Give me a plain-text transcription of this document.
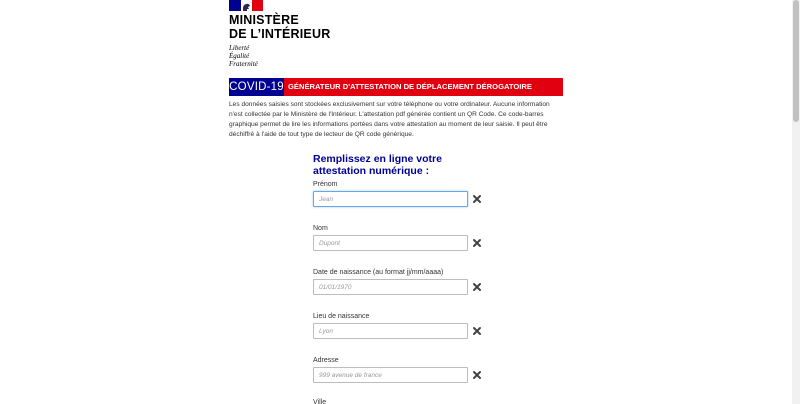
MINISTÈRE
DE L’INTÉRIEUR
Liberté
Égalité
Fraternité
COVID-19 GÉNÉRATEUR D'ATTESTATION DE DÉPLACEMENT DÉROGATOIRE
Les données saisies sont stockées exclusivement sur votre téléphone ou votre ordinateur. Aucune information
n'est collectée par le Ministère de l'Intérieur. L'attestation pdf générée contient un QR Code. Ce code-barres
graphique permet de lire les informations portées dans votre attestation au moment de leur saisie. Il peut être
déchiffré à l'aide de tout type de lecteur de QR code générique.
Remplissez en ligne votre
attestation numérique :
Prénom
Jean
Nom
Dupont
Date de naissance (au format jj/mm/aaaa)
01/01/1970
Lieu de naissance
Lyon
Adresse
999 avenue de france
Ville
